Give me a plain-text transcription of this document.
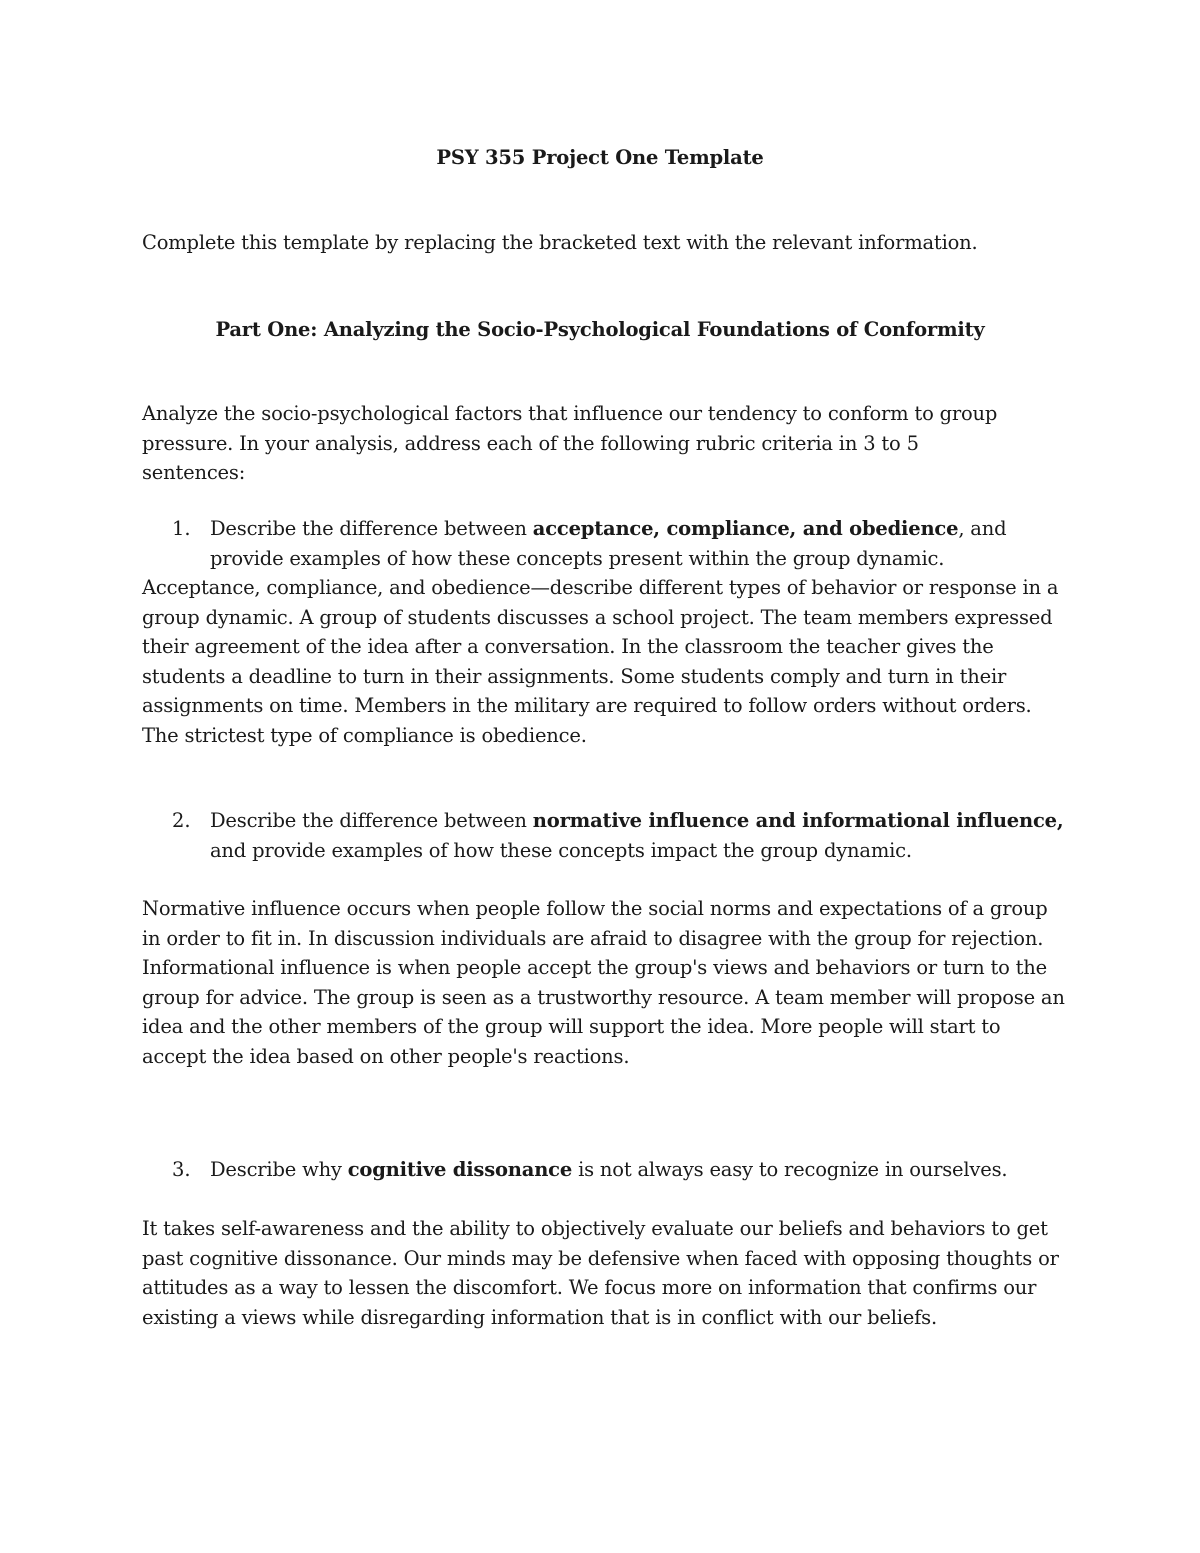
PSY 355 Project One Template

Complete this template by replacing the bracketed text with the relevant information.

Part One: Analyzing the Socio-Psychological Foundations of Conformity

Analyze the socio-psychological factors that influence our tendency to conform to group pressure. In your analysis, address each of the following rubric criteria in 3 to 5 sentences:

1. Describe the difference between acceptance, compliance, and obedience, and provide examples of how these concepts present within the group dynamic.

Acceptance, compliance, and obedience—describe different types of behavior or response in a group dynamic. A group of students discusses a school project. The team members expressed their agreement of the idea after a conversation. In the classroom the teacher gives the students a deadline to turn in their assignments. Some students comply and turn in their assignments on time. Members in the military are required to follow orders without orders. The strictest type of compliance is obedience.

2. Describe the difference between normative influence and informational influence, and provide examples of how these concepts impact the group dynamic.

Normative influence occurs when people follow the social norms and expectations of a group in order to fit in. In discussion individuals are afraid to disagree with the group for rejection. Informational influence is when people accept the group's views and behaviors or turn to the group for advice. The group is seen as a trustworthy resource. A team member will propose an idea and the other members of the group will support the idea. More people will start to accept the idea based on other people's reactions.

3. Describe why cognitive dissonance is not always easy to recognize in ourselves.

It takes self-awareness and the ability to objectively evaluate our beliefs and behaviors to get past cognitive dissonance. Our minds may be defensive when faced with opposing thoughts or attitudes as a way to lessen the discomfort. We focus more on information that confirms our existing a views while disregarding information that is in conflict with our beliefs.
